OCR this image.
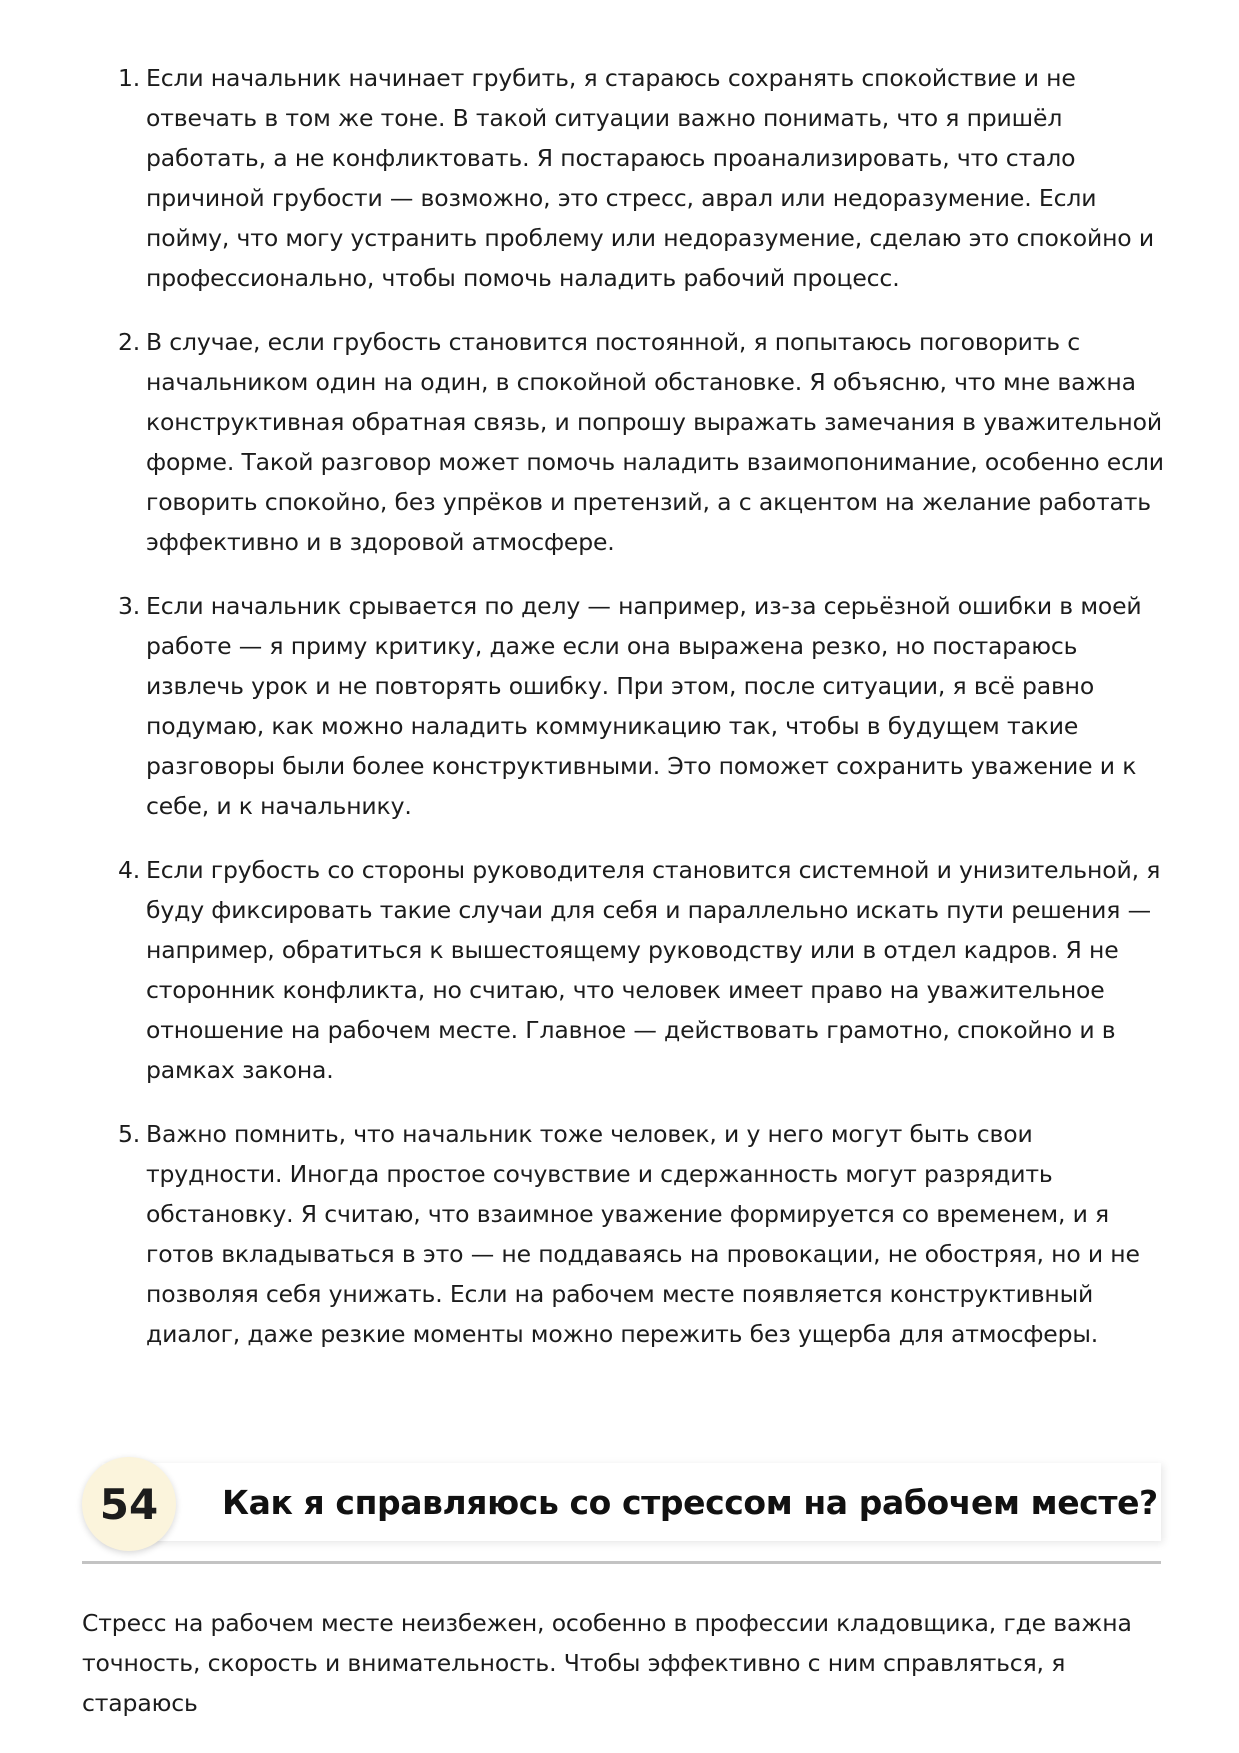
1. Если начальник начинает грубить, я стараюсь сохранять спокойствие и не отвечать в том же тоне. В такой ситуации важно понимать, что я пришёл работать, а не конфликтовать. Я постараюсь проанализировать, что стало причиной грубости — возможно, это стресс, аврал или недоразумение. Если пойму, что могу устранить проблему или недоразумение, сделаю это спокойно и профессионально, чтобы помочь наладить рабочий процесс.
2. В случае, если грубость становится постоянной, я попытаюсь поговорить с начальником один на один, в спокойной обстановке. Я объясню, что мне важна конструктивная обратная связь, и попрошу выражать замечания в уважительной форме. Такой разговор может помочь наладить взаимопонимание, особенно если говорить спокойно, без упрёков и претензий, а с акцентом на желание работать эффективно и в здоровой атмосфере.
3. Если начальник срывается по делу — например, из-за серьёзной ошибки в моей работе — я приму критику, даже если она выражена резко, но постараюсь извлечь урок и не повторять ошибку. При этом, после ситуации, я всё равно подумаю, как можно наладить коммуникацию так, чтобы в будущем такие разговоры были более конструктивными. Это поможет сохранить уважение и к себе, и к начальнику.
4. Если грубость со стороны руководителя становится системной и унизительной, я буду фиксировать такие случаи для себя и параллельно искать пути решения — например, обратиться к вышестоящему руководству или в отдел кадров. Я не сторонник конфликта, но считаю, что человек имеет право на уважительное отношение на рабочем месте. Главное — действовать грамотно, спокойно и в рамках закона.
5. Важно помнить, что начальник тоже человек, и у него могут быть свои трудности. Иногда простое сочувствие и сдержанность могут разрядить обстановку. Я считаю, что взаимное уважение формируется со временем, и я готов вкладываться в это — не поддаваясь на провокации, не обостряя, но и не позволяя себя унижать. Если на рабочем месте появляется конструктивный диалог, даже резкие моменты можно пережить без ущерба для атмосферы.
54	Как я справляюсь со стрессом на рабочем месте?

Стресс на рабочем месте неизбежен, особенно в профессии кладовщика, где важна точность, скорость и внимательность. Чтобы эффективно с ним справляться, я стараюсь
